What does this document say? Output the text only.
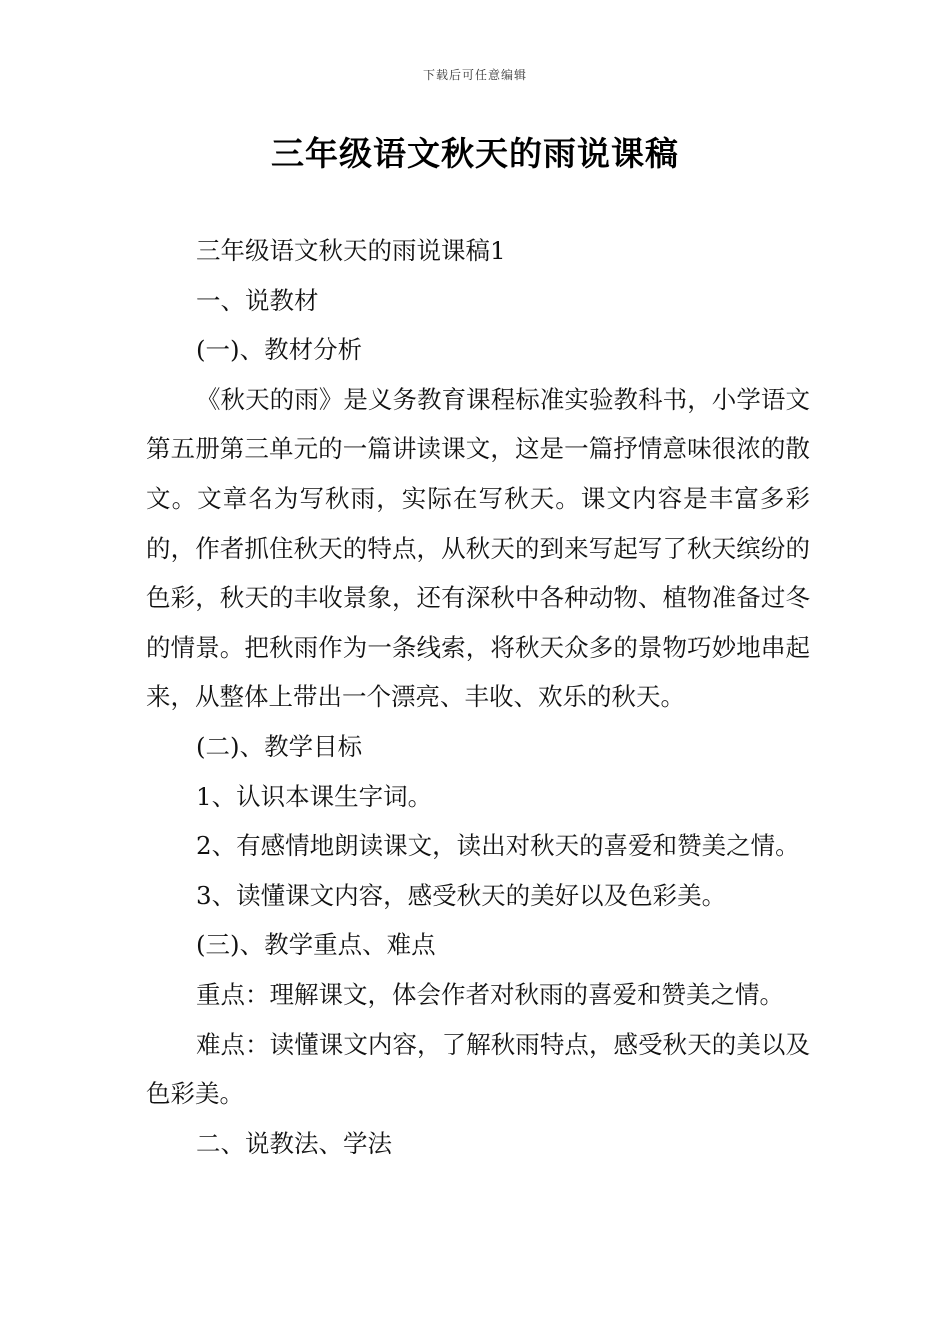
下载后可任意编辑
三年级语文秋天的雨说课稿

三年级语文秋天的雨说课稿1

一、说教材

(一)、教材分析

《秋天的雨》是义务教育课程标准实验教科书，小学语文第五册第三单元的一篇讲读课文，这是一篇抒情意味很浓的散文。文章名为写秋雨，实际在写秋天。课文内容是丰富多彩的，作者抓住秋天的特点，从秋天的到来写起写了秋天缤纷的色彩，秋天的丰收景象，还有深秋中各种动物、植物准备过冬的情景。把秋雨作为一条线索，将秋天众多的景物巧妙地串起来，从整体上带出一个漂亮、丰收、欢乐的秋天。

(二)、教学目标

1、认识本课生字词。

2、有感情地朗读课文，读出对秋天的喜爱和赞美之情。

3、读懂课文内容，感受秋天的美好以及色彩美。

(三)、教学重点、难点

重点：理解课文，体会作者对秋雨的喜爱和赞美之情。

难点：读懂课文内容，了解秋雨特点，感受秋天的美以及色彩美。

二、说教法、学法
